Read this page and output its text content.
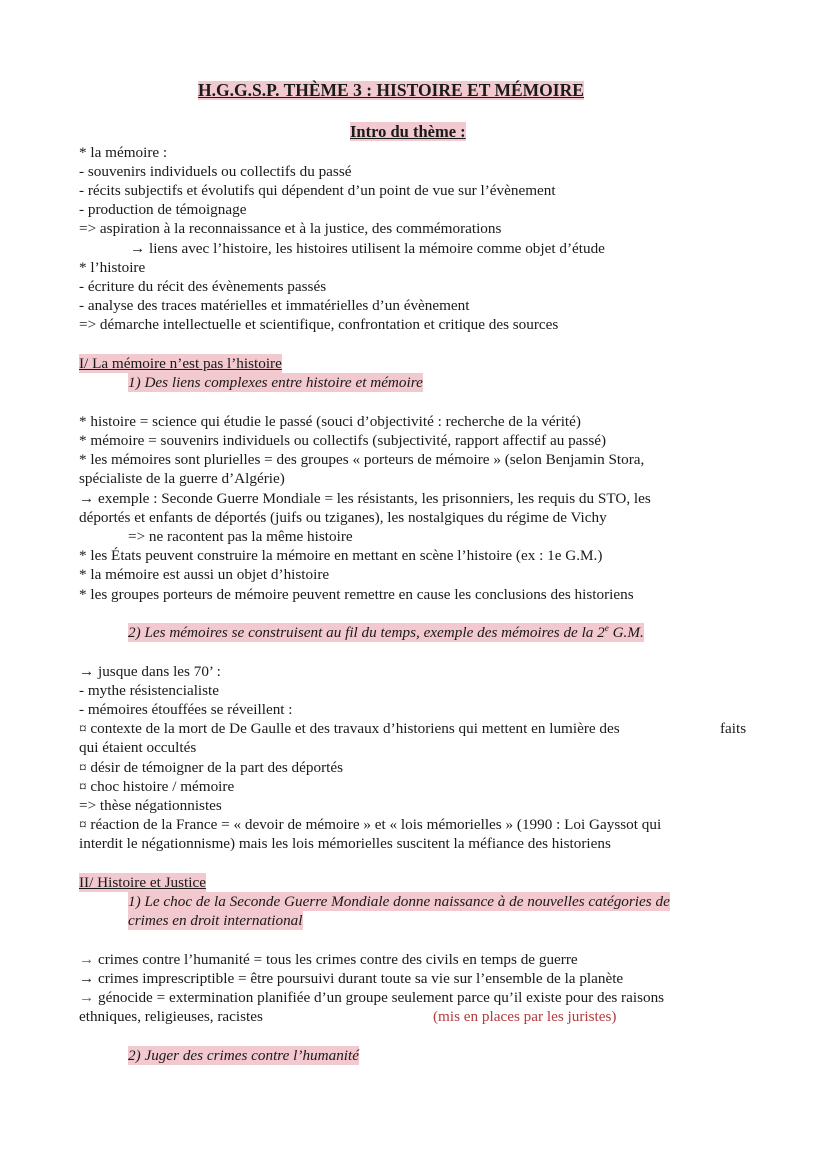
H.G.G.S.P. THÈME 3 : HISTOIRE ET MÉMOIRE
Intro du thème :
* la mémoire :
- souvenirs individuels ou collectifs du passé
- récits subjectifs et évolutifs qui dépendent d’un point de vue sur l’évènement
- production de témoignage
=> aspiration à la reconnaissance et à la justice, des commémorations
→ liens avec l’histoire, les histoires utilisent la mémoire comme objet d’étude
* l’histoire
- écriture du récit des évènements passés
- analyse des traces matérielles et immatérielles d’un évènement
=> démarche intellectuelle et scientifique, confrontation et critique des sources
I/ La mémoire n’est pas l’histoire
1) Des liens complexes entre histoire et mémoire
* histoire = science qui étudie le passé (souci d’objectivité : recherche de la vérité)
* mémoire = souvenirs individuels ou collectifs (subjectivité, rapport affectif au passé)
* les mémoires sont plurielles = des groupes « porteurs de mémoire » (selon Benjamin Stora,
spécialiste de la guerre d’Algérie)
→ exemple : Seconde Guerre Mondiale = les résistants, les prisonniers, les requis du STO, les
déportés et enfants de déportés (juifs ou tziganes), les nostalgiques du régime de Vichy
=> ne racontent pas la même histoire
* les États peuvent construire la mémoire en mettant en scène l’histoire (ex : 1e G.M.)
* la mémoire est aussi un objet d’histoire
* les groupes porteurs de mémoire peuvent remettre en cause les conclusions des historiens
2) Les mémoires se construisent au fil du temps, exemple des mémoires de la 2e G.M.
→ jusque dans les 70’ :
- mythe résistencialiste
- mémoires étouffées se réveillent :
¤ contexte de la mort de De Gaulle et des travaux d’historiens qui mettent en lumière des	faits
qui étaient occultés
¤ désir de témoigner de la part des déportés
¤ choc histoire / mémoire
=> thèse négationnistes
¤ réaction de la France = « devoir de mémoire » et « lois mémorielles » (1990 : Loi Gayssot qui
interdit le négationnisme) mais les lois mémorielles suscitent la méfiance des historiens
II/ Histoire et Justice
1) Le choc de la Seconde Guerre Mondiale donne naissance à de nouvelles catégories de
crimes en droit international
→ crimes contre l’humanité = tous les crimes contre des civils en temps de guerre
→ crimes imprescriptible = être poursuivi durant toute sa vie sur l’ensemble de la planète
→ génocide = extermination planifiée d’un groupe seulement parce qu’il existe pour des raisons
ethniques, religieuses, racistes	(mis en places par les juristes)
2) Juger des crimes contre l’humanité
